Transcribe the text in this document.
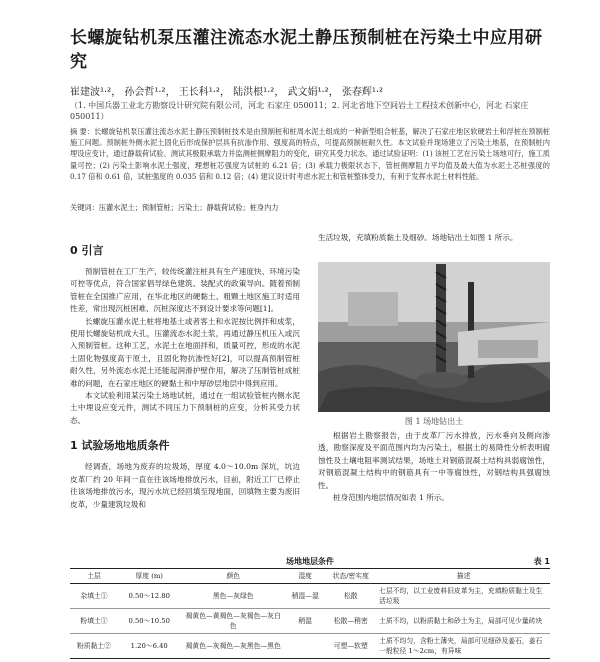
长螺旋钻机泵压灌注流态水泥土静压预制桩在污染土中应用研究
崔建波¹·²， 孙会哲¹·²， 王长科¹·²， 陆洪根¹·²， 武文娟¹·²， 张春辉¹·²
（1. 中国兵器工业北方勘察设计研究院有限公司，河北 石家庄 050011；2. 河北省地下空间岩土工程技术创新中心，河北 石家庄 050011）
摘 要：长螺旋钻机泵压灌注流态水泥土静压预制桩技术是由预制桩和桩周水泥土组成的一种新型组合桩基，解决了石家庄地区软硬岩土和浮桩在预制桩施工问题。预制桩外侧水泥土固化后形成保护层具有抗渗作用、强度高的特点，可提高预制桩耐久性。本文试验并现场建立了污染土地基，在预制桩内埋设应变计，通过静载荷试验、测试其极限承载力并监测桩侧摩阻力的变化，研究其受力状态。通过试验证明：(1) 该桩工艺在污染土场地可行，施工质量可控；(2) 污染土影响水泥土强度，理想桩芯强度为试桩的 6.21 倍；(3) 承载力极限状态下，管桩侧摩阻力平均值及最大值为水泥土芯桩强度的 0.17 倍和 0.61 倍，试桩强度的 0.035 倍和 0.12 倍；(4) 建议设计时考虑水泥土和管桩整体受力，有利于发挥水泥土材料性能。
关键词：压灌水泥土；预制管桩；污染土；静载荷试验；桩身内力
0 引言

预制管桩在工厂生产，较传统灌注桩具有生产速度快、环境污染可控等优点，符合国家倡导绿色建筑、装配式的政策导向。随着预制管桩在全国推广应用，在华北地区的硬黏土、粗颗土地区施工时适用性差，常出现沉桩困难、沉桩深度达不到设计要求等问题[1]。

长螺旋压灌水泥土桩将地基土或者客土和水泥按比例拌和成浆，使用长螺旋钻机成大孔，压灌流态水泥土浆，再通过静压机压入或沉入预制管桩。这种工艺，水泥土在地面拌和，质量可控，形成的水泥土固化物强度高于原土，且固化物抗渗性好[2]，可以提高预制管桩耐久性，另外流态水泥土还能起润滑护壁作用，解决了压制管桩成桩难的问题，在石家庄地区的硬黏土和中厚砂层地层中得到应用。

本文试验利用某污染土场地试桩，通过在一组试验管桩内侧水泥土中埋设应变元件，测试不同压力下预制桩的应变，分析其受力状态。

1 试验场地地质条件

经调查，场地为废弃的垃圾场，厚度 4.0～10.0m 深坑，坑边皮革厂约 20 年间一直在往该场地排放污水，目前，附近工厂已停止往该场地排放污水，现污水坑已经回填至现地面，回填物主要为废旧皮革，少量建筑垃圾和

生活垃圾，充填粉质黏土及细砂。场地钻出土如图 1 所示。

图 1 场地钻出土

根据岩土勘察报告，由于皮革厂污水排放，污水垂向及侧向渗透，勘察深度及平面范围内均为污染土，根据土的易降性分析表明腐蚀性及土壤电阻率测试结果，场地土对钢筋混凝土结构具弱腐蚀性，对钢筋混凝土结构中的钢筋具有一中等腐蚀性，对钢结构具强腐蚀性。

桩身范围内地层情况如表 1 所示。

场地地层条件	表 1
土层	厚度 (m)	颜色	湿度	状态/密实度	描述
杂填土①	0.50～12.80	黑色—灰绿色	稍湿—湿	松散	七层不均，以工业废料旧皮革为主，充填粉质黏土及生活垃圾
粉填土①	0.50～10.50	褐黄色—黄褐色—灰褐色—灰白色	稍湿	松散—稍密	土质不均，以粉质黏土和砂土为主，局部可见少量砖块
粉质黏土②	1.20～6.40	褐黄色—灰褐色—灰黑色—黑色		可塑—软塑	土质不均匀，含粉土薄夹，局部可见细砂及姜石，姜石一般粒径 1～2cm，有异味
